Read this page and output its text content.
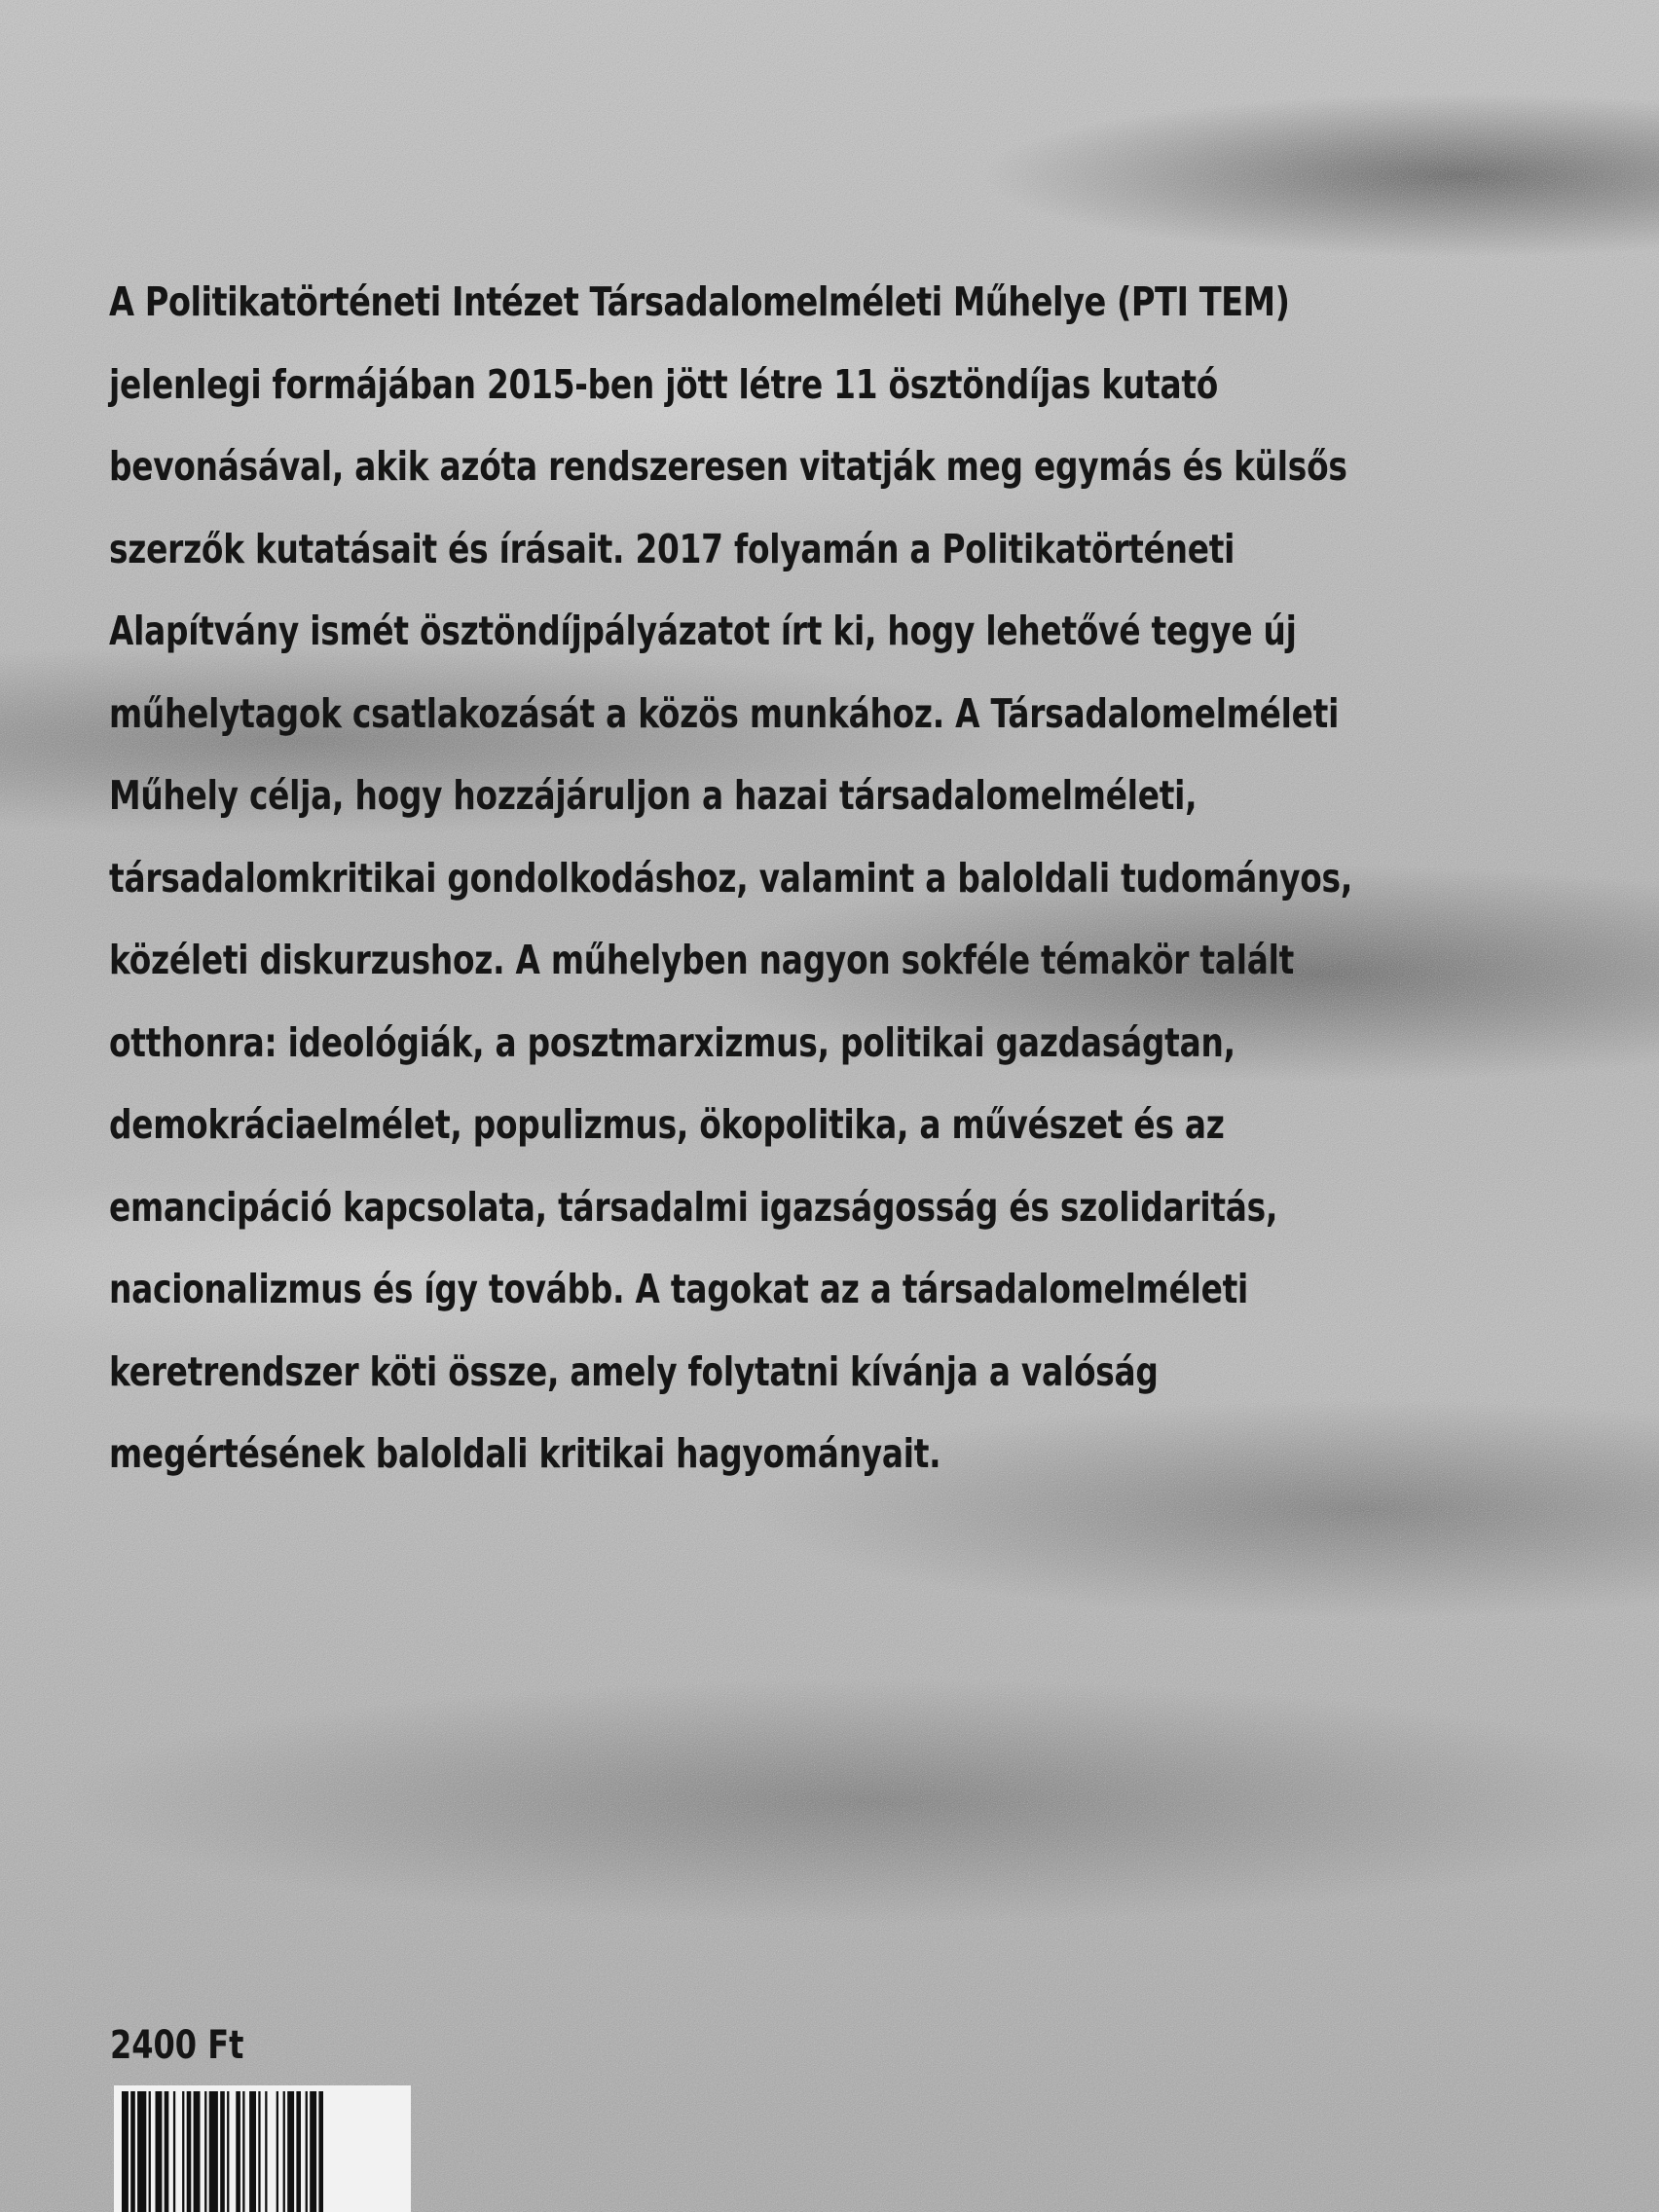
A Politikatörténeti Intézet Társadalomelméleti Műhelye (PTI TEM)
jelenlegi formájában 2015-ben jött létre 11 ösztöndíjas kutató
bevonásával, akik azóta rendszeresen vitatják meg egymás és külsős
szerzők kutatásait és írásait. 2017 folyamán a Politikatörténeti
Alapítvány ismét ösztöndíjpályázatot írt ki, hogy lehetővé tegye új
műhelytagok csatlakozását a közös munkához. A Társadalomelméleti
Műhely célja, hogy hozzájáruljon a hazai társadalomelméleti,
társadalomkritikai gondolkodáshoz, valamint a baloldali tudományos,
közéleti diskurzushoz. A műhelyben nagyon sokféle témakör talált
otthonra: ideológiák, a posztmarxizmus, politikai gazdaságtan,
demokráciaelmélet, populizmus, ökopolitika, a művészet és az
emancipáció kapcsolata, társadalmi igazságosság és szolidaritás,
nacionalizmus és így tovább. A tagokat az a társadalomelméleti
keretrendszer köti össze, amely folytatni kívánja a valóság
megértésének baloldali kritikai hagyományait.
2400 Ft
